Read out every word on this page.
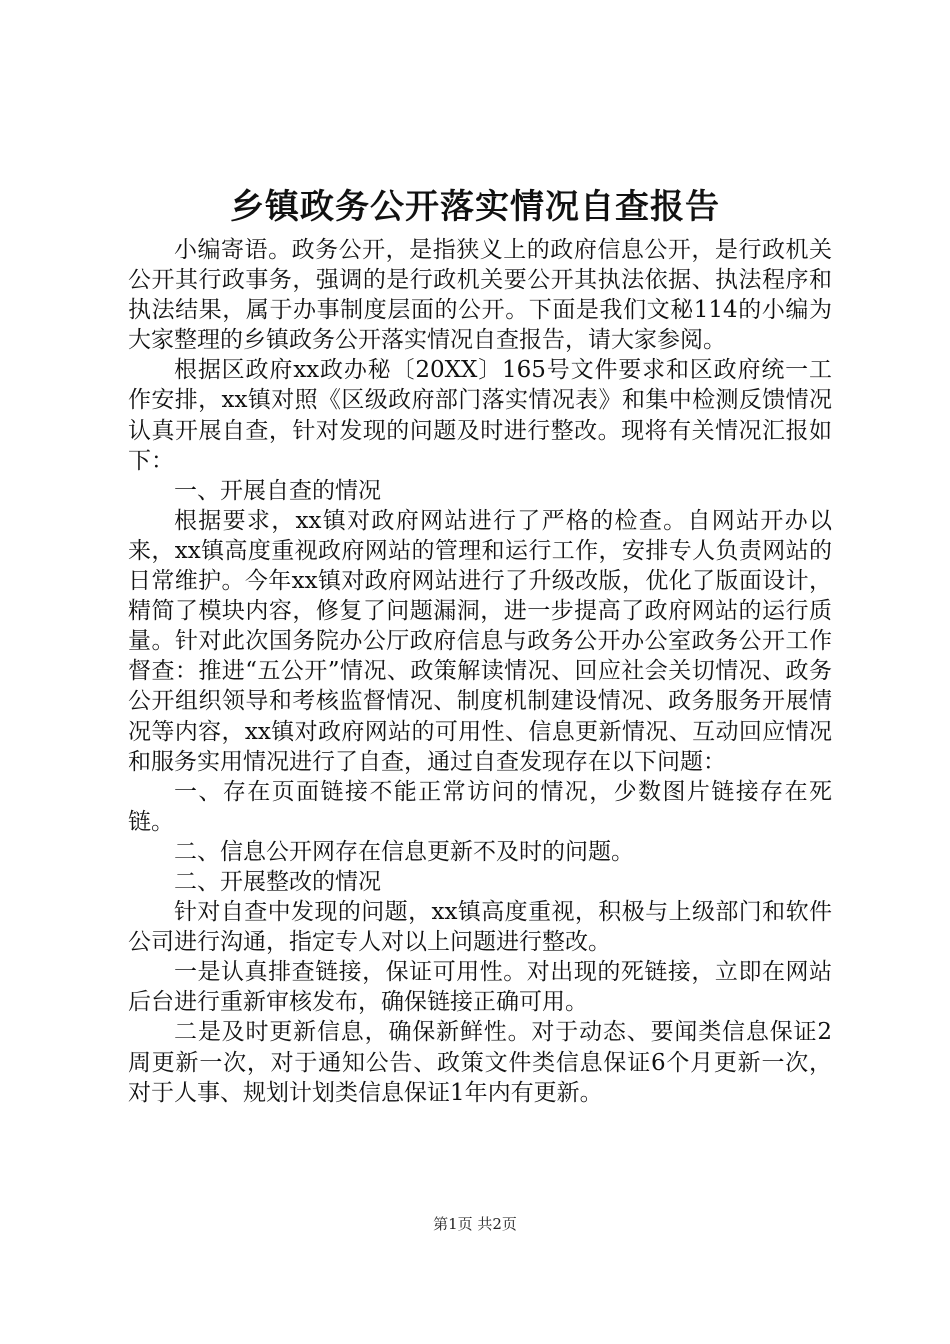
乡镇政务公开落实情况自查报告

小编寄语。政务公开，是指狭义上的政府信息公开，是行政机关公开其行政事务，强调的是行政机关要公开其执法依据、执法程序和执法结果，属于办事制度层面的公开。下面是我们文秘114的小编为大家整理的乡镇政务公开落实情况自查报告，请大家参阅。

根据区政府xx政办秘〔20XX〕165号文件要求和区政府统一工作安排，xx镇对照《区级政府部门落实情况表》和集中检测反馈情况认真开展自查，针对发现的问题及时进行整改。现将有关情况汇报如下：

一、开展自查的情况

根据要求，xx镇对政府网站进行了严格的检查。自网站开办以来，xx镇高度重视政府网站的管理和运行工作，安排专人负责网站的日常维护。今年xx镇对政府网站进行了升级改版，优化了版面设计，精简了模块内容，修复了问题漏洞，进一步提高了政府网站的运行质量。针对此次国务院办公厅政府信息与政务公开办公室政务公开工作督查：推进“五公开”情况、政策解读情况、回应社会关切情况、政务公开组织领导和考核监督情况、制度机制建设情况、政务服务开展情况等内容，xx镇对政府网站的可用性、信息更新情况、互动回应情况和服务实用情况进行了自查，通过自查发现存在以下问题：

一、存在页面链接不能正常访问的情况，少数图片链接存在死链。

二、信息公开网存在信息更新不及时的问题。

二、开展整改的情况

针对自查中发现的问题，xx镇高度重视，积极与上级部门和软件公司进行沟通，指定专人对以上问题进行整改。

一是认真排查链接，保证可用性。对出现的死链接，立即在网站后台进行重新审核发布，确保链接正确可用。

二是及时更新信息，确保新鲜性。对于动态、要闻类信息保证2周更新一次，对于通知公告、政策文件类信息保证6个月更新一次，对于人事、规划计划类信息保证1年内有更新。

第1页 共2页
